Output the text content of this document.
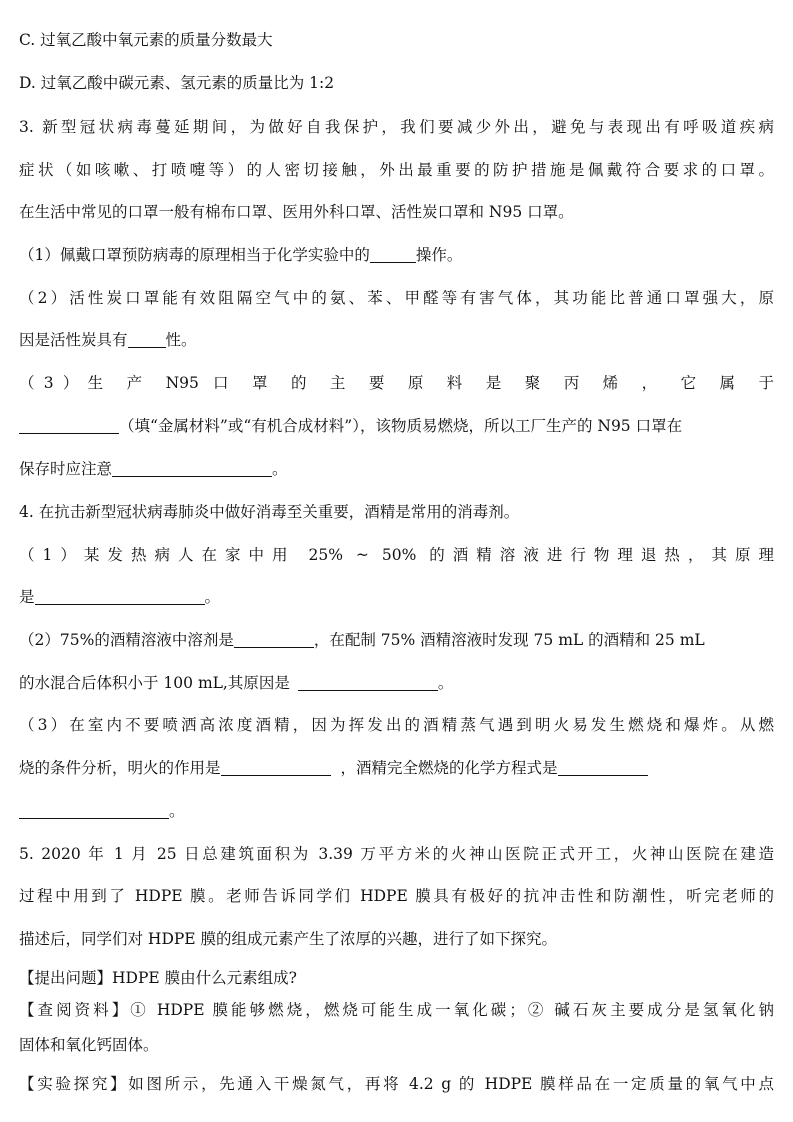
C. 过氧乙酸中氧元素的质量分数最大
D. 过氧乙酸中碳元素、氢元素的质量比为 1:2
3. 新型冠状病毒蔓延期间，为做好自我保护，我们要减少外出，避免与表现出有呼吸道疾病
症状（如咳嗽、打喷嚏等）的人密切接触，外出最重要的防护措施是佩戴符合要求的口罩。
在生活中常见的口罩一般有棉布口罩、医用外科口罩、活性炭口罩和 N95 口罩。
（1）佩戴口罩预防病毒的原理相当于化学实验中的	操作。
（2）活性炭口罩能有效阻隔空气中的氨、苯、甲醛等有害气体，其功能比普通口罩强大，原
因是活性炭具有 性。
（3）生 产 N95 口 罩 的 主 要 原 料 是 聚 丙 烯 ， 它 属 于
（填“金属材料”或“有机合成材料”），该物质易燃烧，所以工厂生产的 N95 口罩在
保存时应注意	。
4. 在抗击新型冠状病毒肺炎中做好消毒至关重要，酒精是常用的消毒剂。
（1）某发热病人在家中用 25% ~ 50% 的酒精溶液进行物理退热，其原理
是	。
（2）75%的酒精溶液中溶剂是	，在配制 75% 酒精溶液时发现 75 mL 的酒精和 25 mL
的水混合后体积小于 100 mL,其原因是	。
（3）在室内不要喷洒高浓度酒精，因为挥发出的酒精蒸气遇到明火易发生燃烧和爆炸。从燃
烧的条件分析，明火的作用是	，酒精完全燃烧的化学方程式是
。
5. 2020 年 1 月 25 日总建筑面积为 3.39 万平方米的火神山医院正式开工，火神山医院在建造
过程中用到了 HDPE 膜。老师告诉同学们 HDPE 膜具有极好的抗冲击性和防潮性，听完老师的
描述后，同学们对 HDPE 膜的组成元素产生了浓厚的兴趣，进行了如下探究。
【提出问题】HDPE 膜由什么元素组成?
【查阅资料】① HDPE 膜能够燃烧，燃烧可能生成一氧化碳；② 碱石灰主要成分是氢氧化钠
固体和氧化钙固体。
【实验探究】如图所示，先通入干燥氮气，再将 4.2 g 的 HDPE 膜样品在一定质量的氧气中点
